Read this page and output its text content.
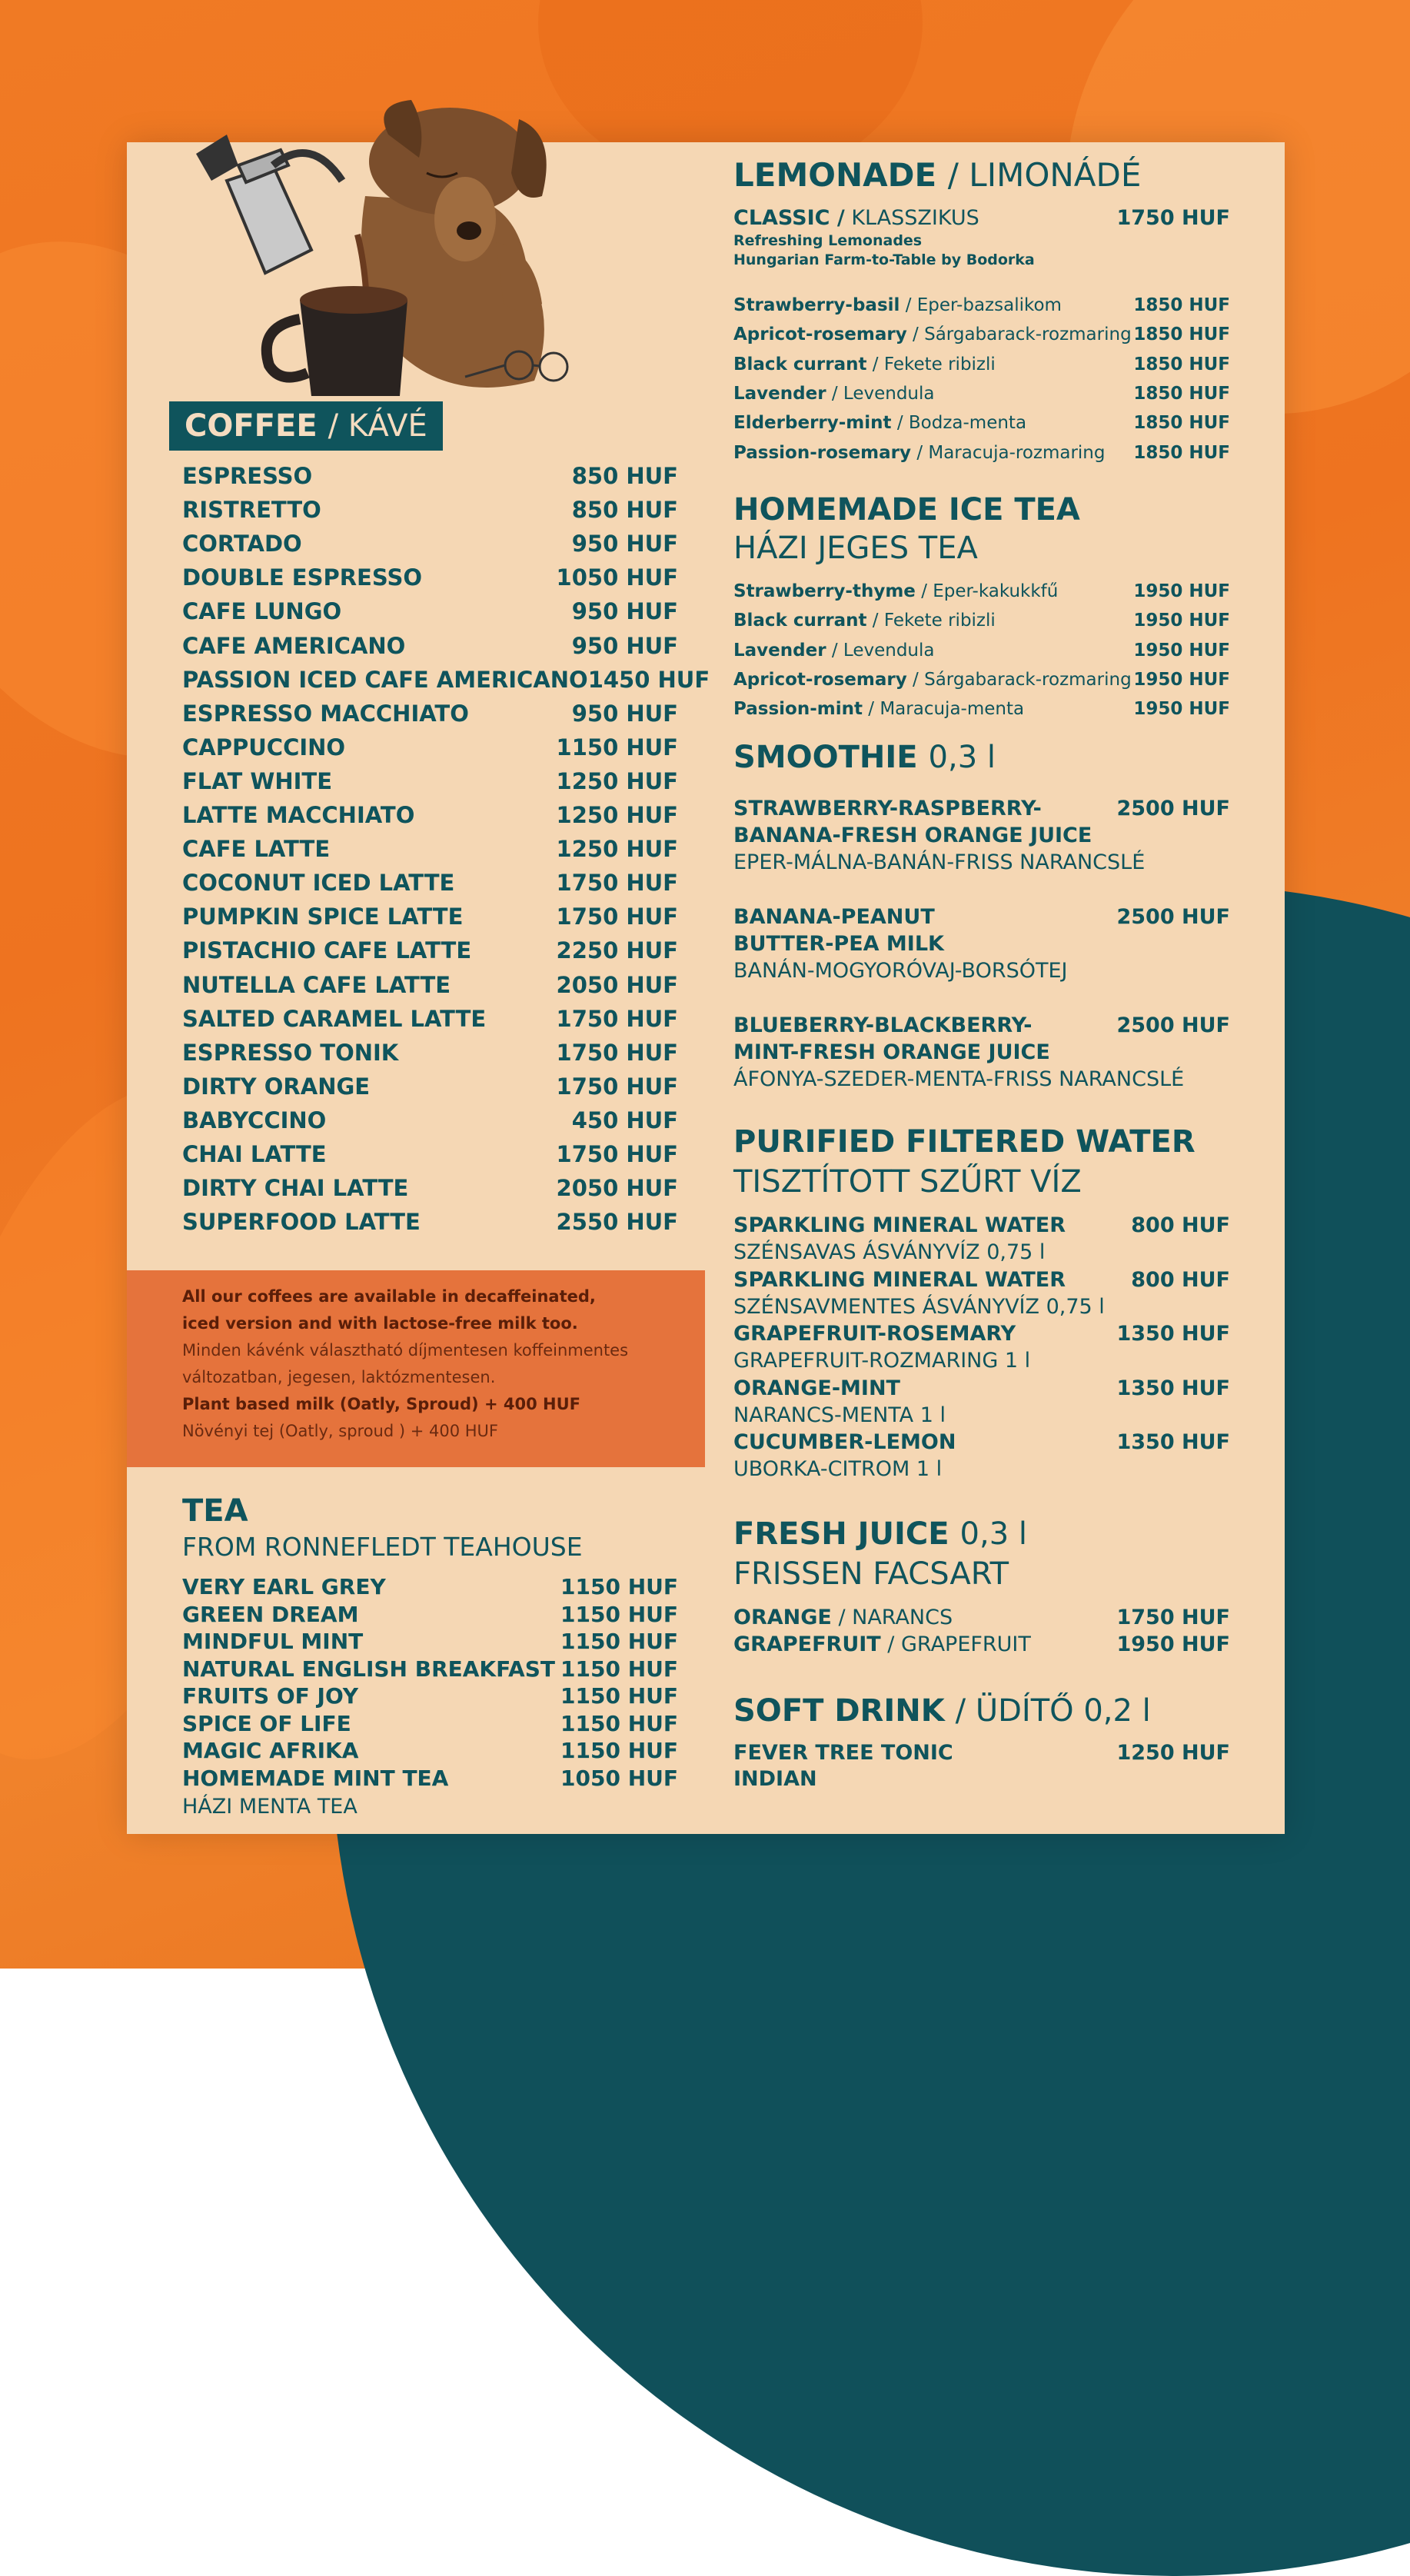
COFFEE
/ KÁVÉ
ESPRESSO	850 HUF
RISTRETTO	850 HUF
CORTADO	950 HUF
DOUBLE ESPRESSO	1050 HUF
CAFE LUNGO	950 HUF
CAFE AMERICANO	950 HUF
PASSION ICED CAFE AMERICANO 1450 HUF
ESPRESSO MACCHIATO	950 HUF
CAPPUCCINO	1150 HUF
FLAT WHITE	1250 HUF
LATTE MACCHIATO	1250 HUF
CAFE LATTE	1250 HUF
COCONUT ICED LATTE	1750 HUF
PUMPKIN SPICE LATTE	1750 HUF
PISTACHIO CAFE LATTE	2250 HUF
NUTELLA CAFE LATTE	2050 HUF
SALTED CARAMEL LATTE	1750 HUF
ESPRESSO TONIK	1750 HUF
DIRTY ORANGE	1750 HUF
BABYCCINO	450 HUF
CHAI LATTE	1750 HUF
DIRTY CHAI LATTE	2050 HUF
SUPERFOOD LATTE	2550 HUF
All our coffees are available in decaffeinated,
iced version and with lactose-free milk too.
Minden kávénk választható díjmentesen koffeinmentes
változatban, jegesen, laktózmentesen.
Plant based milk (Oatly, Sproud) + 400 HUF
Növényi tej (Oatly, sproud ) + 400 HUF
TEA
FROM RONNEFLEDT TEAHOUSE
VERY EARL GREY	1150 HUF
GREEN DREAM	1150 HUF
MINDFUL MINT	1150 HUF
NATURAL ENGLISH BREAKFAST 1150 HUF
FRUITS OF JOY	1150 HUF
SPICE OF LIFE	1150 HUF
MAGIC AFRIKA	1150 HUF
HOMEMADE MINT TEA	1050 HUF
HÁZI MENTA TEA
LEMONADE / LIMONÁDÉ
CLASSIC / KLASSZIKUS	1750 HUF
Refreshing Lemonades
Hungarian Farm-to-Table by Bodorka
Strawberry-basil / Eper-bazsalikom	1850 HUF
Apricot-rosemary / Sárgabarack-rozmaring 1850 HUF
Black currant / Fekete ribizli	1850 HUF
Lavender / Levendula	1850 HUF
Elderberry-mint / Bodza-menta	1850 HUF
Passion-rosemary / Maracuja-rozmaring 1850 HUF
HOMEMADE ICE TEA
HÁZI JEGES TEA
Strawberry-thyme / Eper-kakukkfű	1950 HUF
Black currant / Fekete ribizli	1950 HUF
Lavender / Levendula	1950 HUF
Apricot-rosemary / Sárgabarack-rozmaring 1950 HUF
Passion-mint / Maracuja-menta	1950 HUF
SMOOTHIE 0,3 l
STRAWBERRY-RASPBERRY-	2500 HUF
BANANA-FRESH ORANGE JUICE
EPER-MÁLNA-BANÁN-FRISS NARANCSLÉ
BANANA-PEANUT	2500 HUF
BUTTER-PEA MILK
BANÁN-MOGYORÓVAJ-BORSÓTEJ
BLUEBERRY-BLACKBERRY-	2500 HUF
MINT-FRESH ORANGE JUICE
ÁFONYA-SZEDER-MENTA-FRISS NARANCSLÉ
PURIFIED FILTERED WATER
TISZTÍTOTT SZŰRT VÍZ
SPARKLING MINERAL WATER	800 HUF
SZÉNSAVAS ÁSVÁNYVÍZ 0,75 l
SPARKLING MINERAL WATER	800 HUF
SZÉNSAVMENTES ÁSVÁNYVÍZ 0,75 l
GRAPEFRUIT-ROSEMARY	1350 HUF
GRAPEFRUIT-ROZMARING 1 l
ORANGE-MINT	1350 HUF
NARANCS-MENTA 1 l
CUCUMBER-LEMON	1350 HUF
UBORKA-CITROM 1 l
FRESH JUICE 0,3 l
FRISSEN FACSART
ORANGE / NARANCS	1750 HUF
GRAPEFRUIT / GRAPEFRUIT	1950 HUF
SOFT DRINK / ÜDÍTŐ 0,2 l
FEVER TREE TONIC	1250 HUF
INDIAN
